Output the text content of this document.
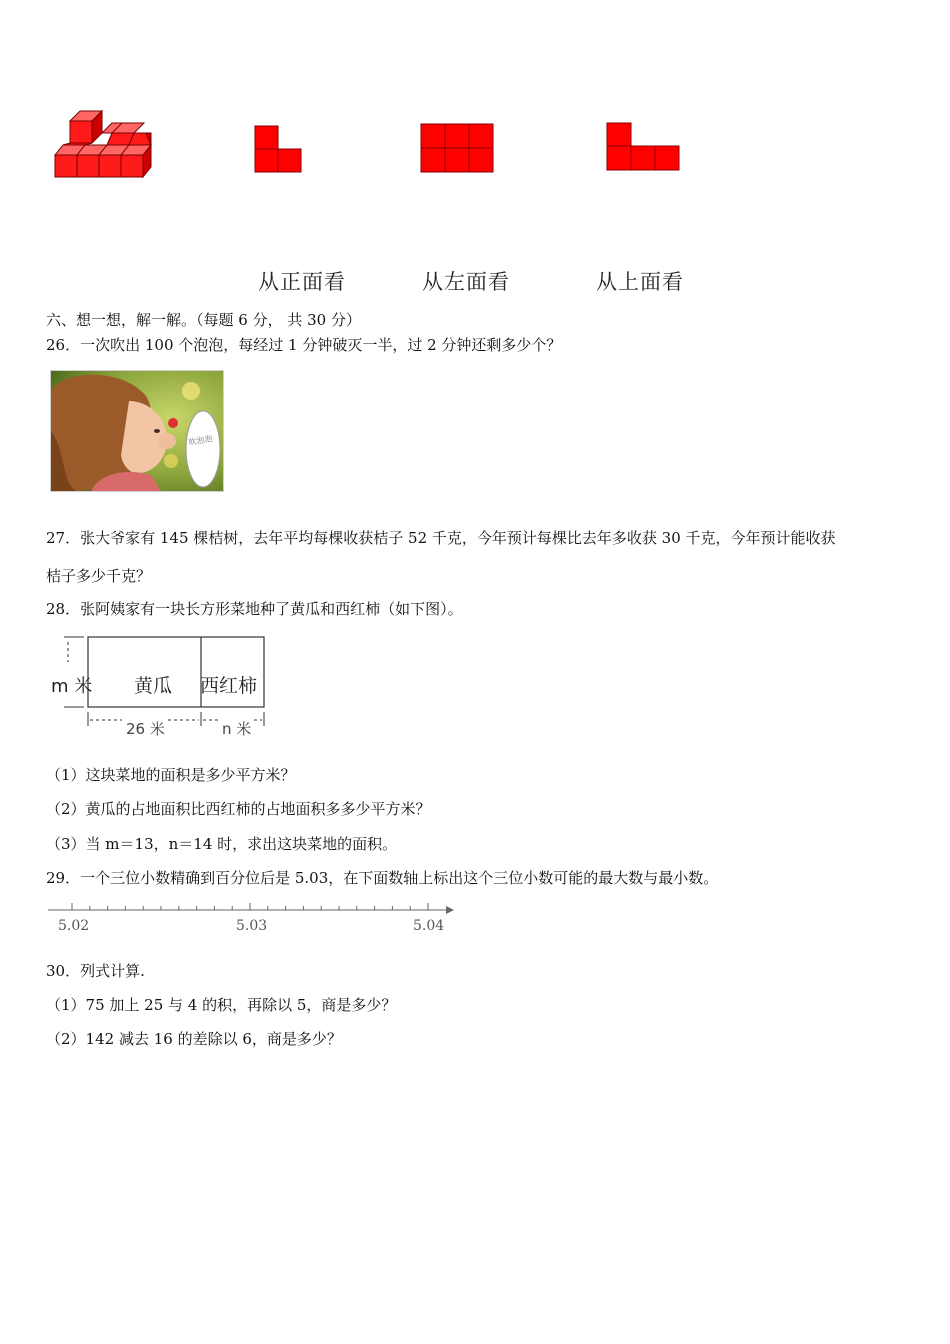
从正面看	从左面看	从上面看
六、想一想，解一解。（每题 6 分， 共 30 分）
26．一次吹出 100 个泡泡，每经过 1 分钟破灭一半，过 2 分钟还剩多少个？
吹泡泡
27．张大爷家有 145 棵桔树，去年平均每棵收获桔子 52 千克，今年预计每棵比去年多收获 30 千克，今年预计能收获
桔子多少千克？
28．张阿姨家有一块长方形菜地种了黄瓜和西红柿（如下图）。
黄瓜 西红柿
m 米
26 米	n 米
（1）这块菜地的面积是多少平方米？
（2）黄瓜的占地面积比西红柿的占地面积多多少平方米？
（3）当 m＝13，n＝14 时，求出这块菜地的面积。
29．一个三位小数精确到百分位后是 5.03，在下面数轴上标出这个三位小数可能的最大数与最小数。
5.02	5.03	5.04
30．列式计算.
（1）75 加上 25 与 4 的积，再除以 5，商是多少？
（2）142 减去 16 的差除以 6，商是多少？
